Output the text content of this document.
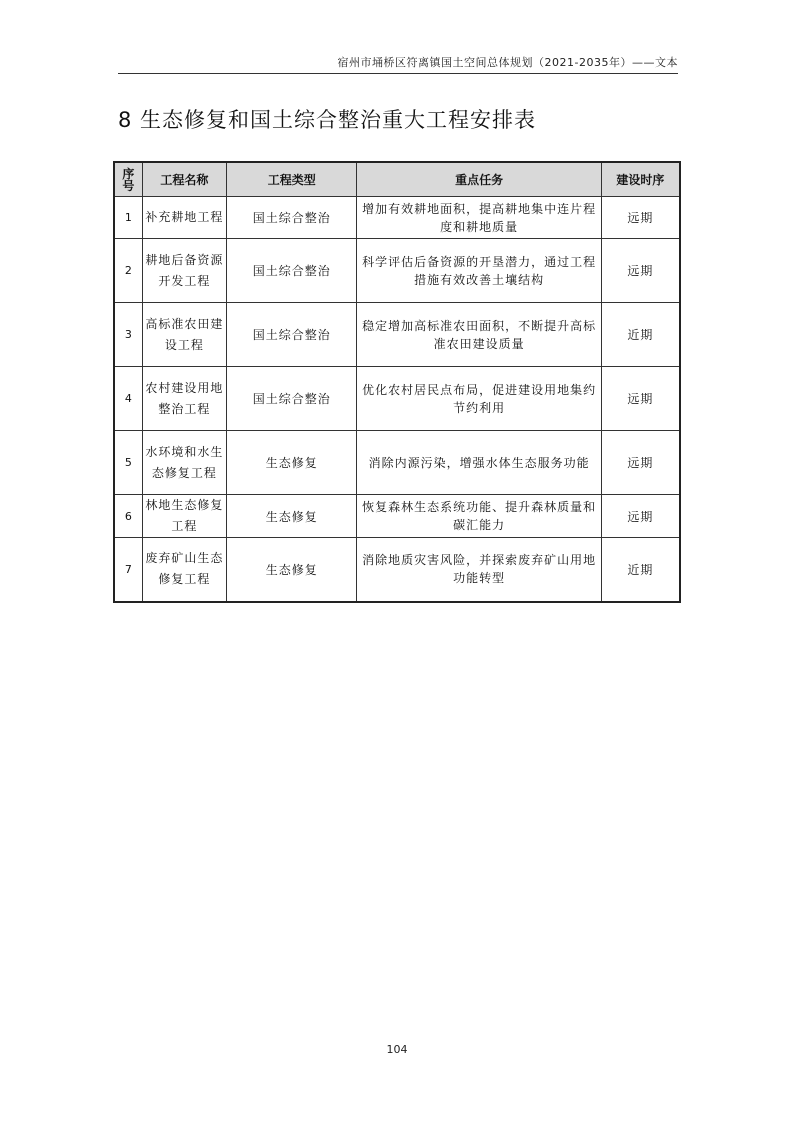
宿州市埇桥区符离镇国土空间总体规划（2021-2035年）——文本
8 生态修复和国土综合整治重大工程安排表
序号	工程名称	工程类型	重点任务	建设时序
1	补充耕地工程	国土综合整治	增加有效耕地面积，提高耕地集中连片程度和耕地质量	远期
2	耕地后备资源开发工程	国土综合整治	科学评估后备资源的开垦潜力，通过工程措施有效改善土壤结构	远期
3	高标准农田建设工程	国土综合整治	稳定增加高标准农田面积，不断提升高标准农田建设质量	近期
4	农村建设用地整治工程	国土综合整治	优化农村居民点布局，促进建设用地集约节约利用	远期
5	水环境和水生态修复工程	生态修复	消除内源污染，增强水体生态服务功能	远期
6	林地生态修复工程	生态修复	恢复森林生态系统功能、提升森林质量和碳汇能力	远期
7	废弃矿山生态修复工程	生态修复	消除地质灾害风险，并探索废弃矿山用地功能转型	近期
104
